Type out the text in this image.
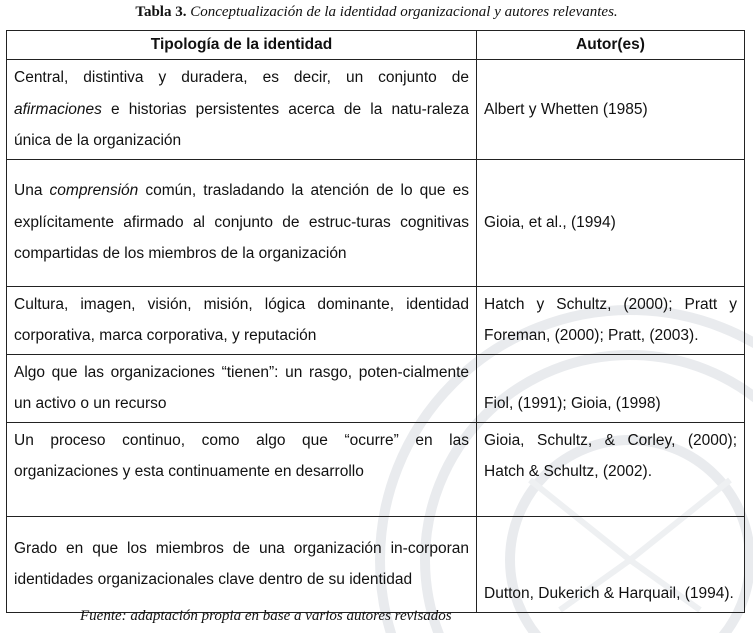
Tabla 3. Conceptualización de la identidad organizacional y autores relevantes.
Tipología de la identidad	Autor(es)
Central, distintiva y duradera, es decir, un conjunto de afirmaciones e historias persistentes acerca de la natu-raleza única de la organización	Albert y Whetten (1985)
Una comprensión común, trasladando la atención de lo que es explícitamente afirmado al conjunto de estruc-turas cognitivas compartidas de los miembros de la organización	Gioia, et al., (1994)
Cultura, imagen, visión, misión, lógica dominante, identidad corporativa, marca corporativa, y reputación	Hatch y Schultz, (2000); Pratt y Foreman, (2000); Pratt, (2003).
Algo que las organizaciones “tienen”: un rasgo, poten-cialmente un activo o un recurso	Fiol, (1991); Gioia, (1998)
Un proceso continuo, como algo que “ocurre” en las organizaciones y esta continuamente en desarrollo	Gioia, Schultz, & Corley, (2000); Hatch & Schultz, (2002).
Grado en que los miembros de una organización in-corporan identidades organizacionales clave dentro de su identidad	Dutton, Dukerich & Harquail, (1994).
Fuente: adaptación propia en base a varios autores revisados
